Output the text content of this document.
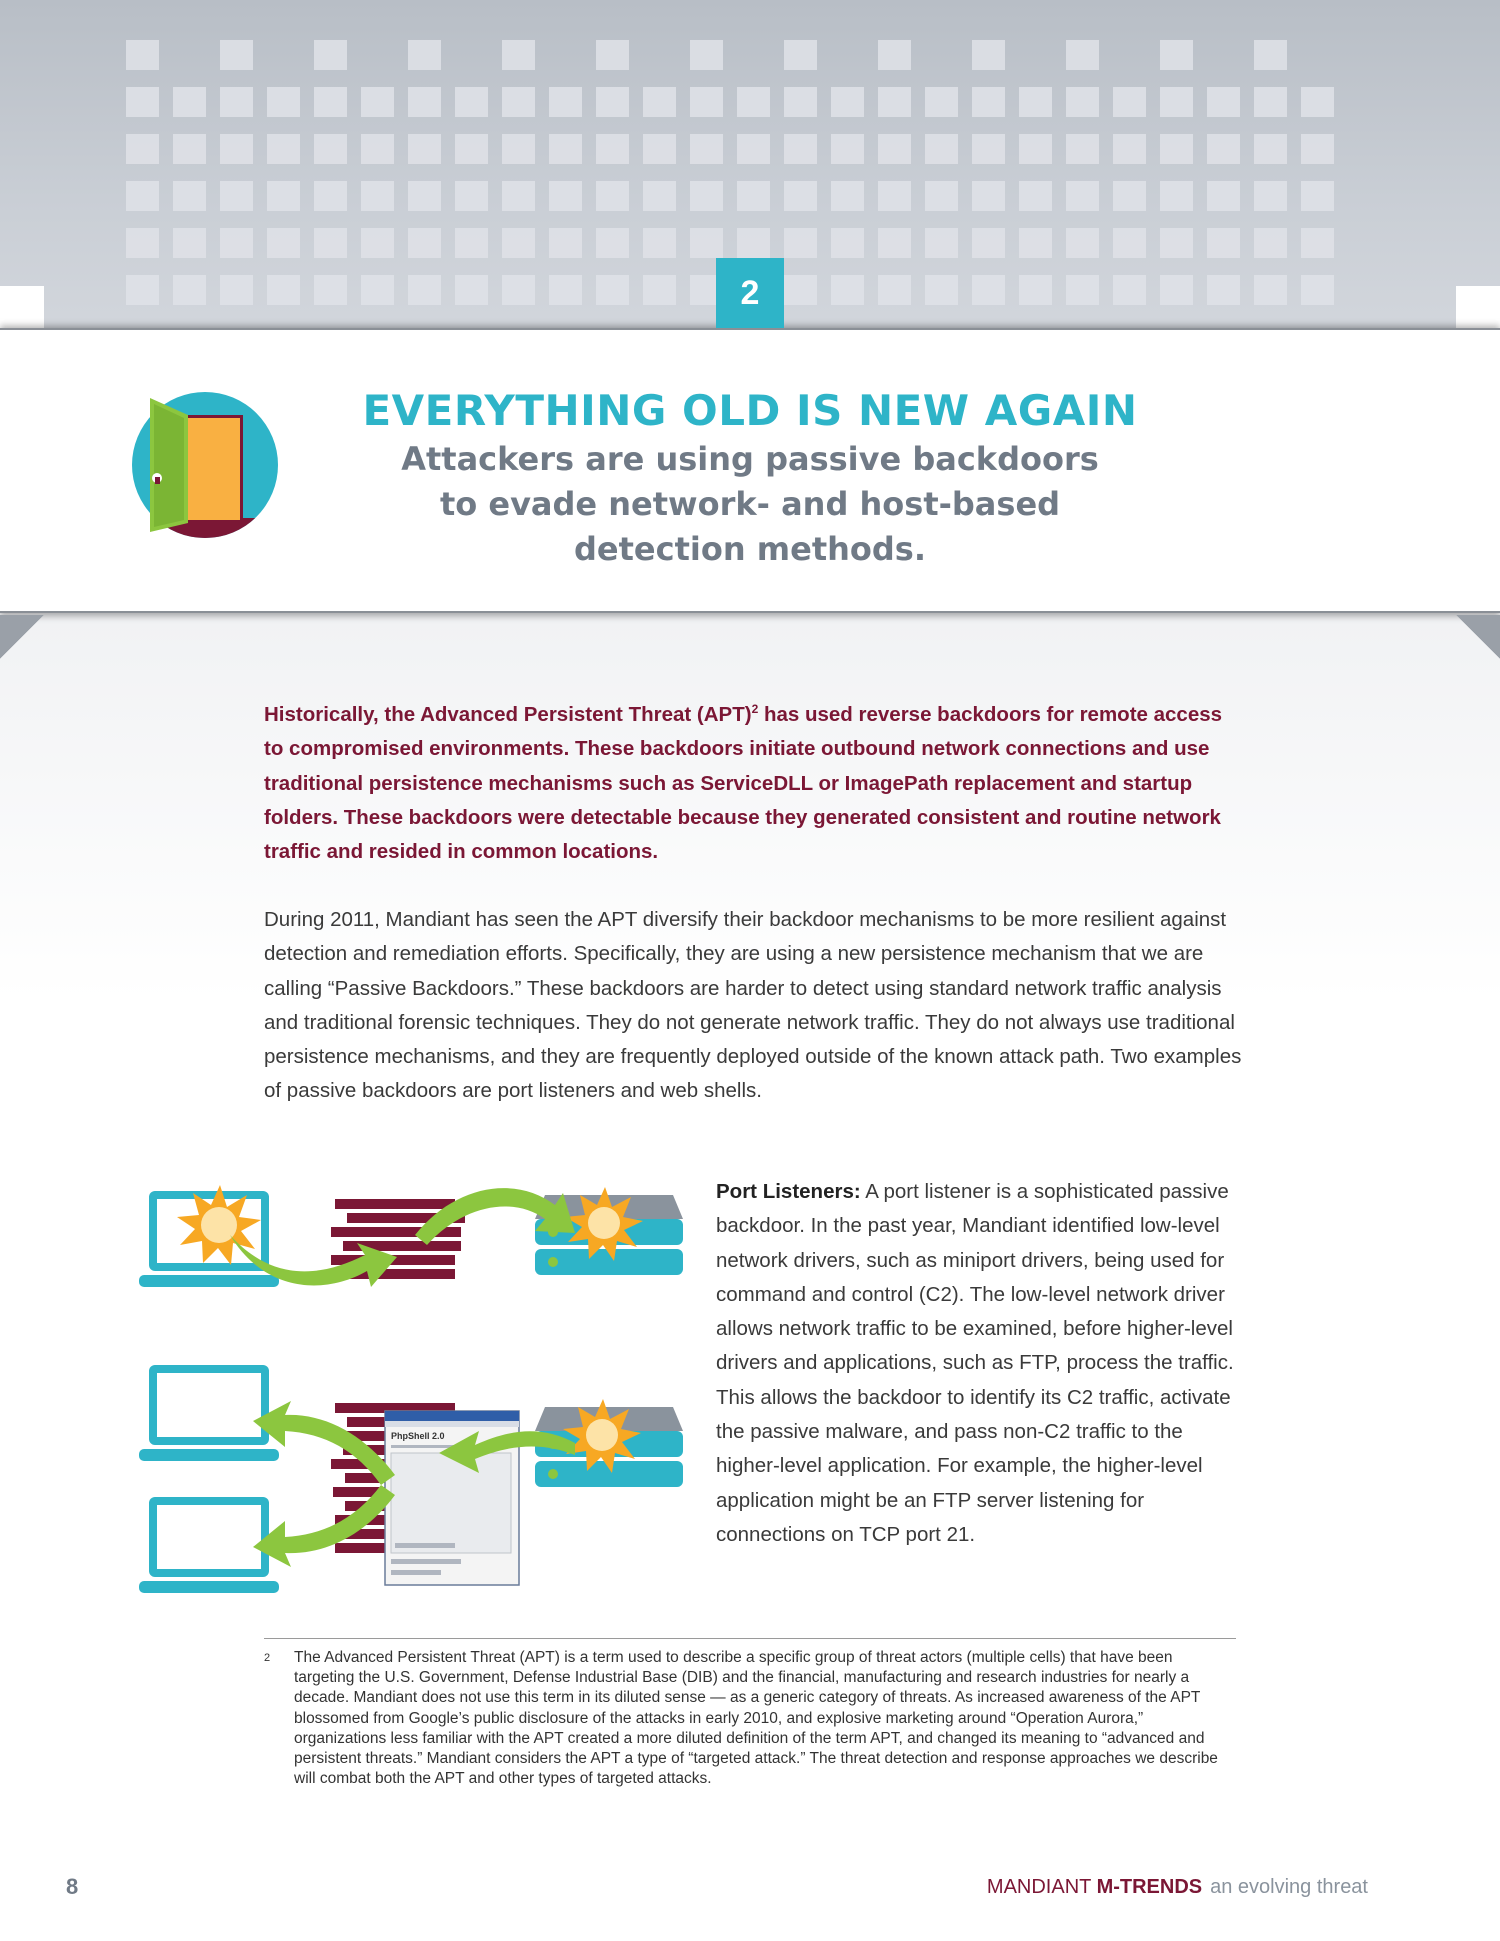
2
EVERYTHING OLD IS NEW AGAIN
Attackers are using passive backdoors
to evade network- and host-based
detection methods.

Historically, the Advanced Persistent Threat (APT)$^2$ has used reverse backdoors for remote access to compromised environments. These backdoors initiate outbound network connections and use traditional persistence mechanisms such as ServiceDLL or ImagePath replacement and startup folders. These backdoors were detectable because they generated consistent and routine network traffic and resided in common locations.

During 2011, Mandiant has seen the APT diversify their backdoor mechanisms to be more resilient against detection and remediation efforts. Specifically, they are using a new persistence mechanism that we are calling “Passive Backdoors.” These backdoors are harder to detect using standard network traffic analysis and traditional forensic techniques. They do not generate network traffic. They do not always use traditional persistence mechanisms, and they are frequently deployed outside of the known attack path. Two examples of passive backdoors are port listeners and web shells.

PhpShell 2.0

Port Listeners: A port listener is a sophisticated passive backdoor. In the past year, Mandiant identified low-level network drivers, such as miniport drivers, being used for command and control (C2). The low-level network driver allows network traffic to be examined, before higher-level drivers and applications, such as FTP, process the traffic. This allows the backdoor to identify its C2 traffic, activate the passive malware, and pass non-C2 traffic to the higher-level application. For example, the higher-level application might be an FTP server listening for connections on TCP port 21.

2	The Advanced Persistent Threat (APT) is a term used to describe a specific group of threat actors (multiple cells) that have been targeting the U.S. Government, Defense Industrial Base (DIB) and the financial, manufacturing and research industries for nearly a decade. Mandiant does not use this term in its diluted sense — as a generic category of threats. As increased awareness of the APT blossomed from Google’s public disclosure of the attacks in early 2010, and explosive marketing around “Operation Aurora,” organizations less familiar with the APT created a more diluted definition of the term APT, and changed its meaning to “advanced and persistent threats.” Mandiant considers the APT a type of “targeted attack.” The threat detection and response approaches we describe will combat both the APT and other types of targeted attacks.
8	MANDIANT M-TRENDS an evolving threat
